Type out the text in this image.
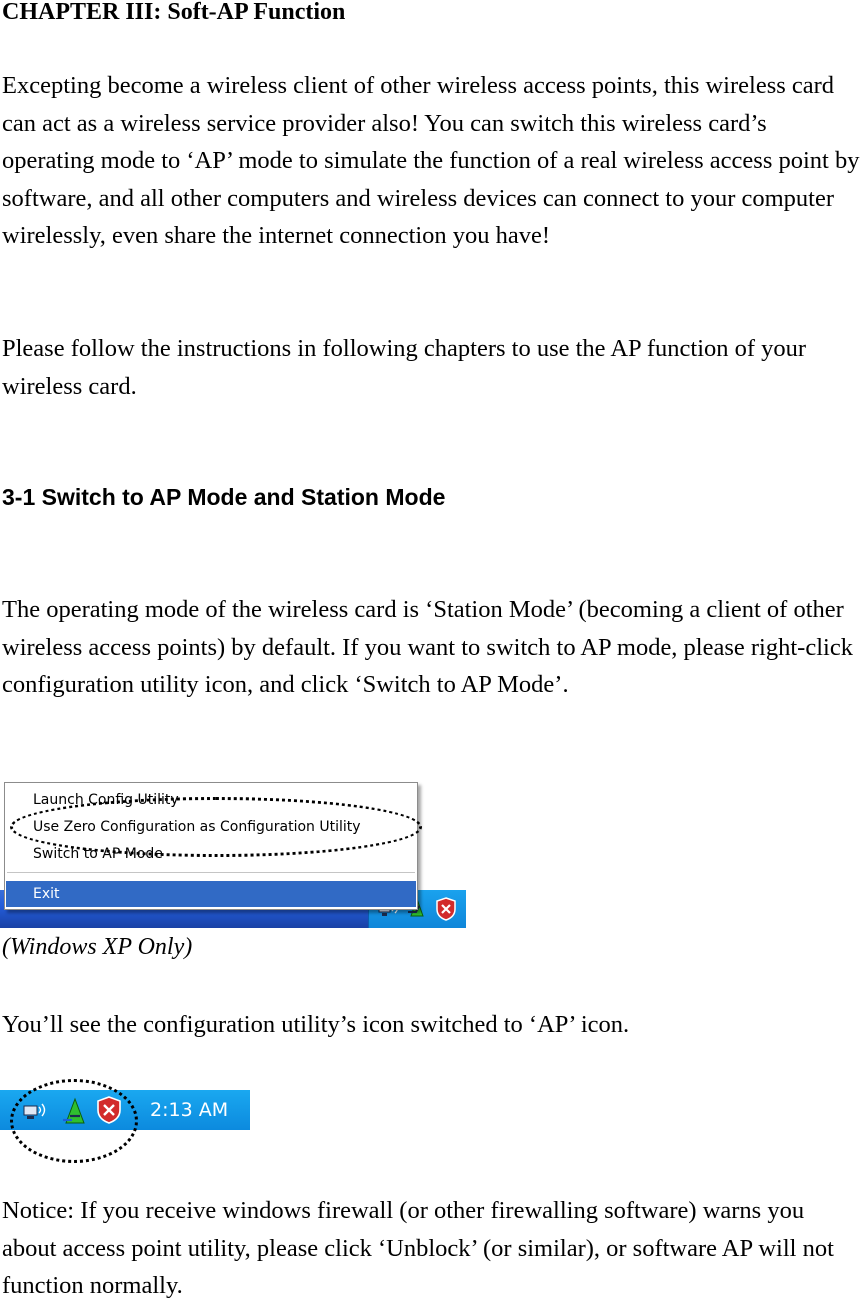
CHAPTER III: Soft-AP Function

Excepting become a wireless client of other wireless access points, this wireless card can act as a wireless service provider also! You can switch this wireless card’s operating mode to ‘AP’ mode to simulate the function of a real wireless access point by software, and all other computers and wireless devices can connect to your computer wirelessly, even share the internet connection you have!

Please follow the instructions in following chapters to use the AP function of your wireless card.

3-1 Switch to AP Mode and Station Mode

The operating mode of the wireless card is ‘Station Mode’ (becoming a client of other wireless access points) by default. If you want to switch to AP mode, please right-click configuration utility icon, and click ‘Switch to AP Mode’.

Launch Config Utility
Use Zero Configuration as Configuration Utility
Switch to AP Mode
Exit

(Windows XP Only)

You’ll see the configuration utility’s icon switched to ‘AP’ icon.

2:13 AM

Notice: If you receive windows firewall (or other firewalling software) warns you about access point utility, please click ‘Unblock’ (or similar), or software AP will not function normally.
